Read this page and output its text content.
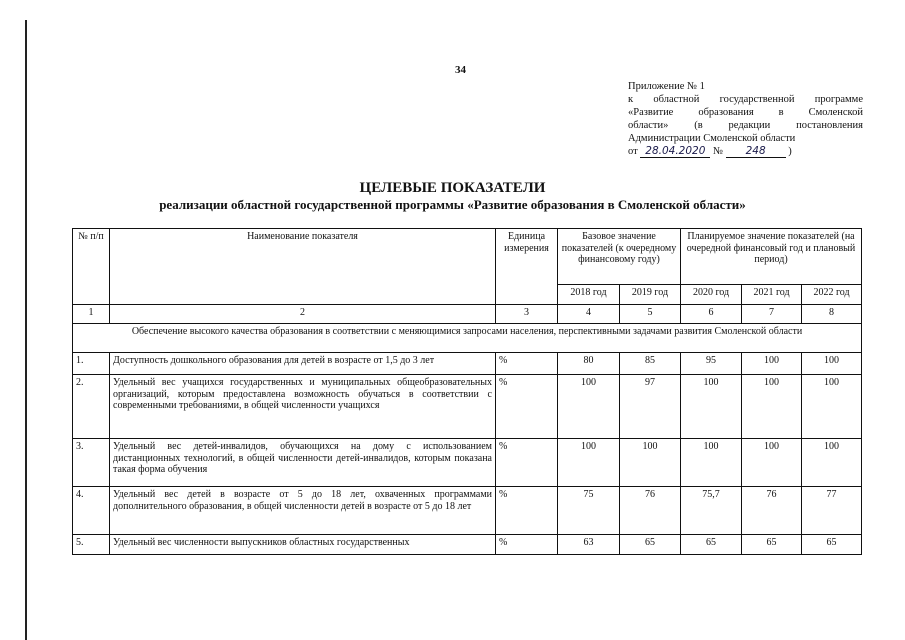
34
Приложение № 1
к областной государственной программе
«Развитие образования в Смоленской
области» (в редакции постановления
Администрации Смоленской области
от 28.04.2020 № 248 )
ЦЕЛЕВЫЕ ПОКАЗАТЕЛИ
реализации областной государственной программы «Развитие образования в Смоленской области»
№ п/п	Наименование показателя	Единица измерения	Базовое значение показателей (к очередному финансовому году)		Планируемое значение показателей (на очередной финансовый год и плановый период)		
			2018 год	2019 год	2020 год	2021 год	2022 год
1	2	3	4	5	6	7	8
Обеспечение высокого качества образования в соответствии с меняющимися запросами населения, перспективными задачами развития Смоленской области							
1.	Доступность дошкольного образования для детей в возрасте от 1,5 до 3 лет	%	80	85	95	100	100
2.	Удельный вес учащихся государственных и муниципальных общеобразовательных организаций, которым предоставлена возможность обучаться в соответствии с современными требованиями, в общей численности учащихся	%	100	97	100	100	100
3.	Удельный вес детей-инвалидов, обучающихся на дому с использованием дистанционных технологий, в общей численности детей-инвалидов, которым показана такая форма обучения	%	100	100	100	100	100
4.	Удельный вес детей в возрасте от 5 до 18 лет, охваченных программами дополнительного образования, в общей численности детей в возрасте от 5 до 18 лет	%	75	76	75,7	76	77
5.	Удельный вес численности выпускников областных государственных	%	63	65	65	65	65
